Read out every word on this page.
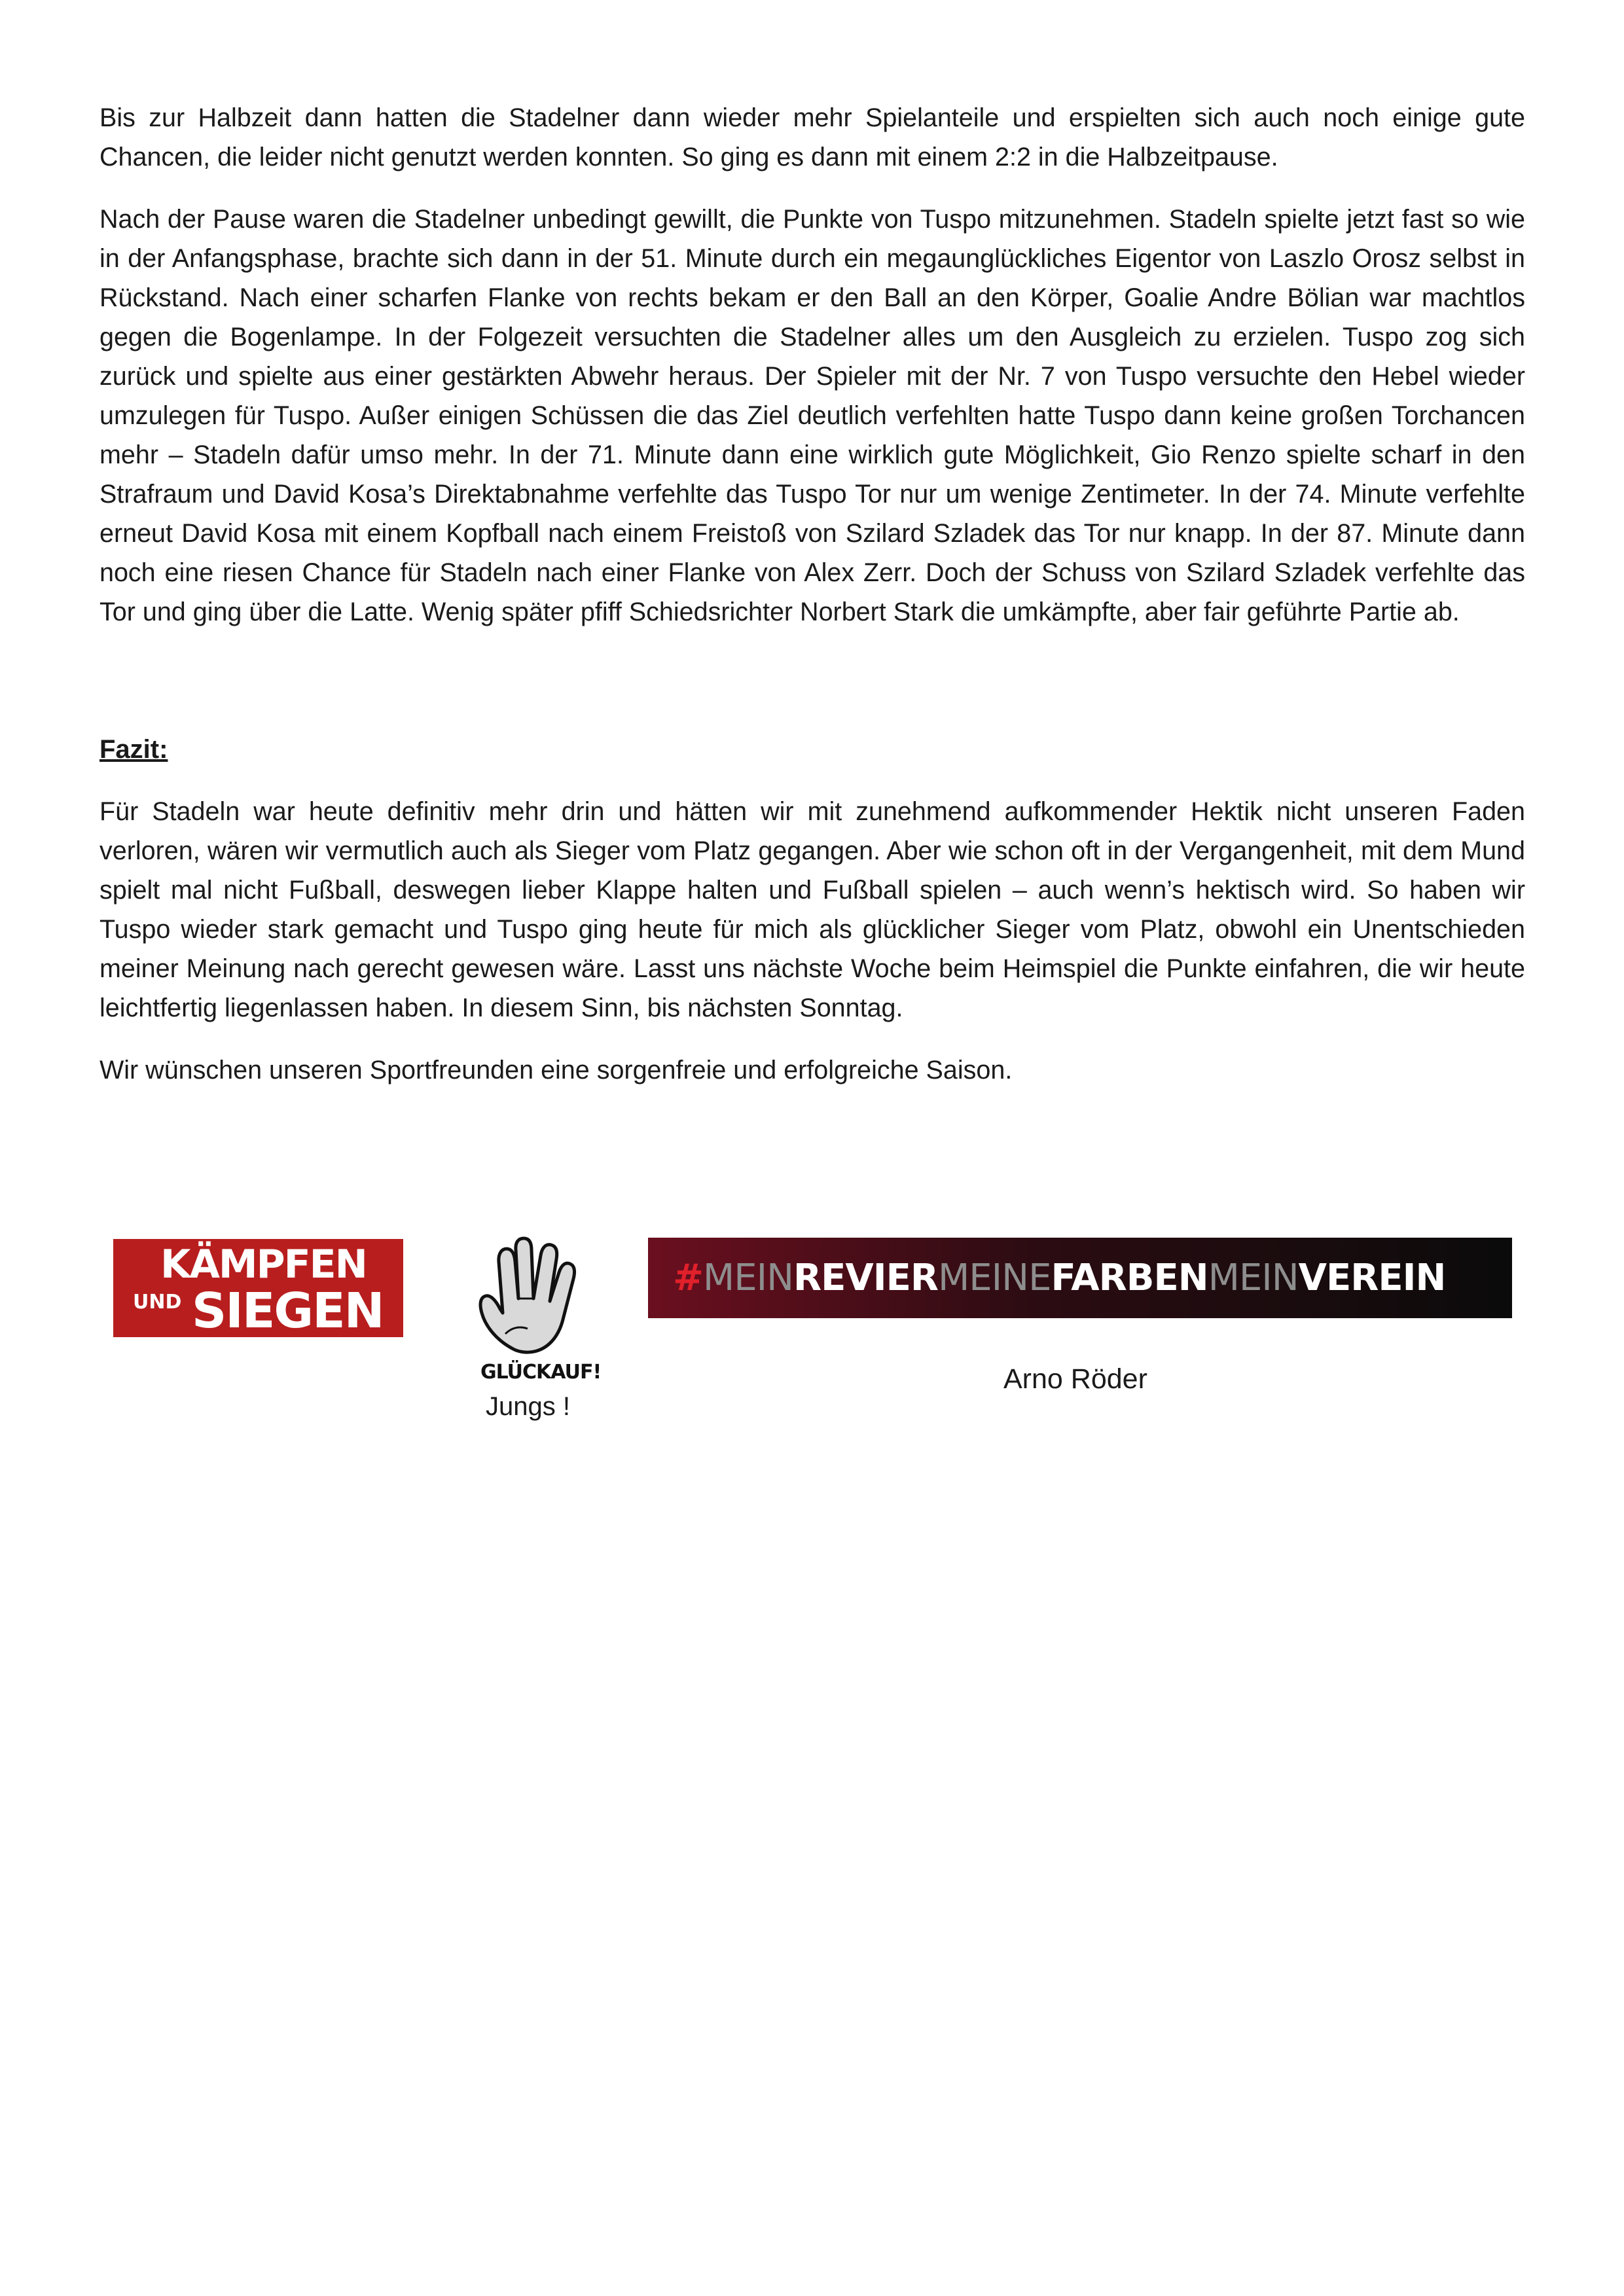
Bis zur Halbzeit dann hatten die Stadelner dann wieder mehr Spielanteile und erspielten sich auch noch einige gute Chancen, die leider nicht genutzt werden konnten. So ging es dann mit einem 2:2 in die Halbzeitpause.

Nach der Pause waren die Stadelner unbedingt gewillt, die Punkte von Tuspo mitzunehmen. Stadeln spielte jetzt fast so wie in der Anfangsphase, brachte sich dann in der 51. Minute durch ein megaunglückliches Eigentor von Laszlo Orosz selbst in Rückstand. Nach einer scharfen Flanke von rechts bekam er den Ball an den Körper, Goalie Andre Bölian war machtlos gegen die Bogenlampe. In der Folgezeit versuchten die Stadelner alles um den Ausgleich zu erzielen. Tuspo zog sich zurück und spielte aus einer gestärkten Abwehr heraus. Der Spieler mit der Nr. 7 von Tuspo versuchte den Hebel wieder umzulegen für Tuspo. Außer einigen Schüssen die das Ziel deutlich verfehlten hatte Tuspo dann keine großen Torchancen mehr – Stadeln dafür umso mehr. In der 71. Minute dann eine wirklich gute Möglichkeit, Gio Renzo spielte scharf in den Strafraum und David Kosa’s Direktabnahme verfehlte das Tuspo Tor nur um wenige Zentimeter. In der 74. Minute verfehlte erneut David Kosa mit einem Kopfball nach einem Freistoß von Szilard Szladek das Tor nur knapp. In der 87. Minute dann noch eine riesen Chance für Stadeln nach einer Flanke von Alex Zerr. Doch der Schuss von Szilard Szladek verfehlte das Tor und ging über die Latte. Wenig später pfiff Schiedsrichter Norbert Stark die umkämpfte, aber fair geführte Partie ab.

Fazit:

Für Stadeln war heute definitiv mehr drin und hätten wir mit zunehmend aufkommender Hektik nicht unseren Faden verloren, wären wir vermutlich auch als Sieger vom Platz gegangen. Aber wie schon oft in der Vergangenheit, mit dem Mund spielt mal nicht Fußball, deswegen lieber Klappe halten und Fußball spielen – auch wenn’s hektisch wird. So haben wir Tuspo wieder stark gemacht und Tuspo ging heute für mich als glücklicher Sieger vom Platz, obwohl ein Unentschieden meiner Meinung nach gerecht gewesen wäre. Lasst uns nächste Woche beim Heimspiel die Punkte einfahren, die wir heute leichtfertig liegenlassen haben. In diesem Sinn, bis nächsten Sonntag.

Wir wünschen unseren Sportfreunden eine sorgenfreie und erfolgreiche Saison.

KÄMPFEN
UND SIEGEN
GLÜCKAUF!
Jungs !
#MEINREVIERMEINEFARBENMEINVEREIN
Arno Röder
